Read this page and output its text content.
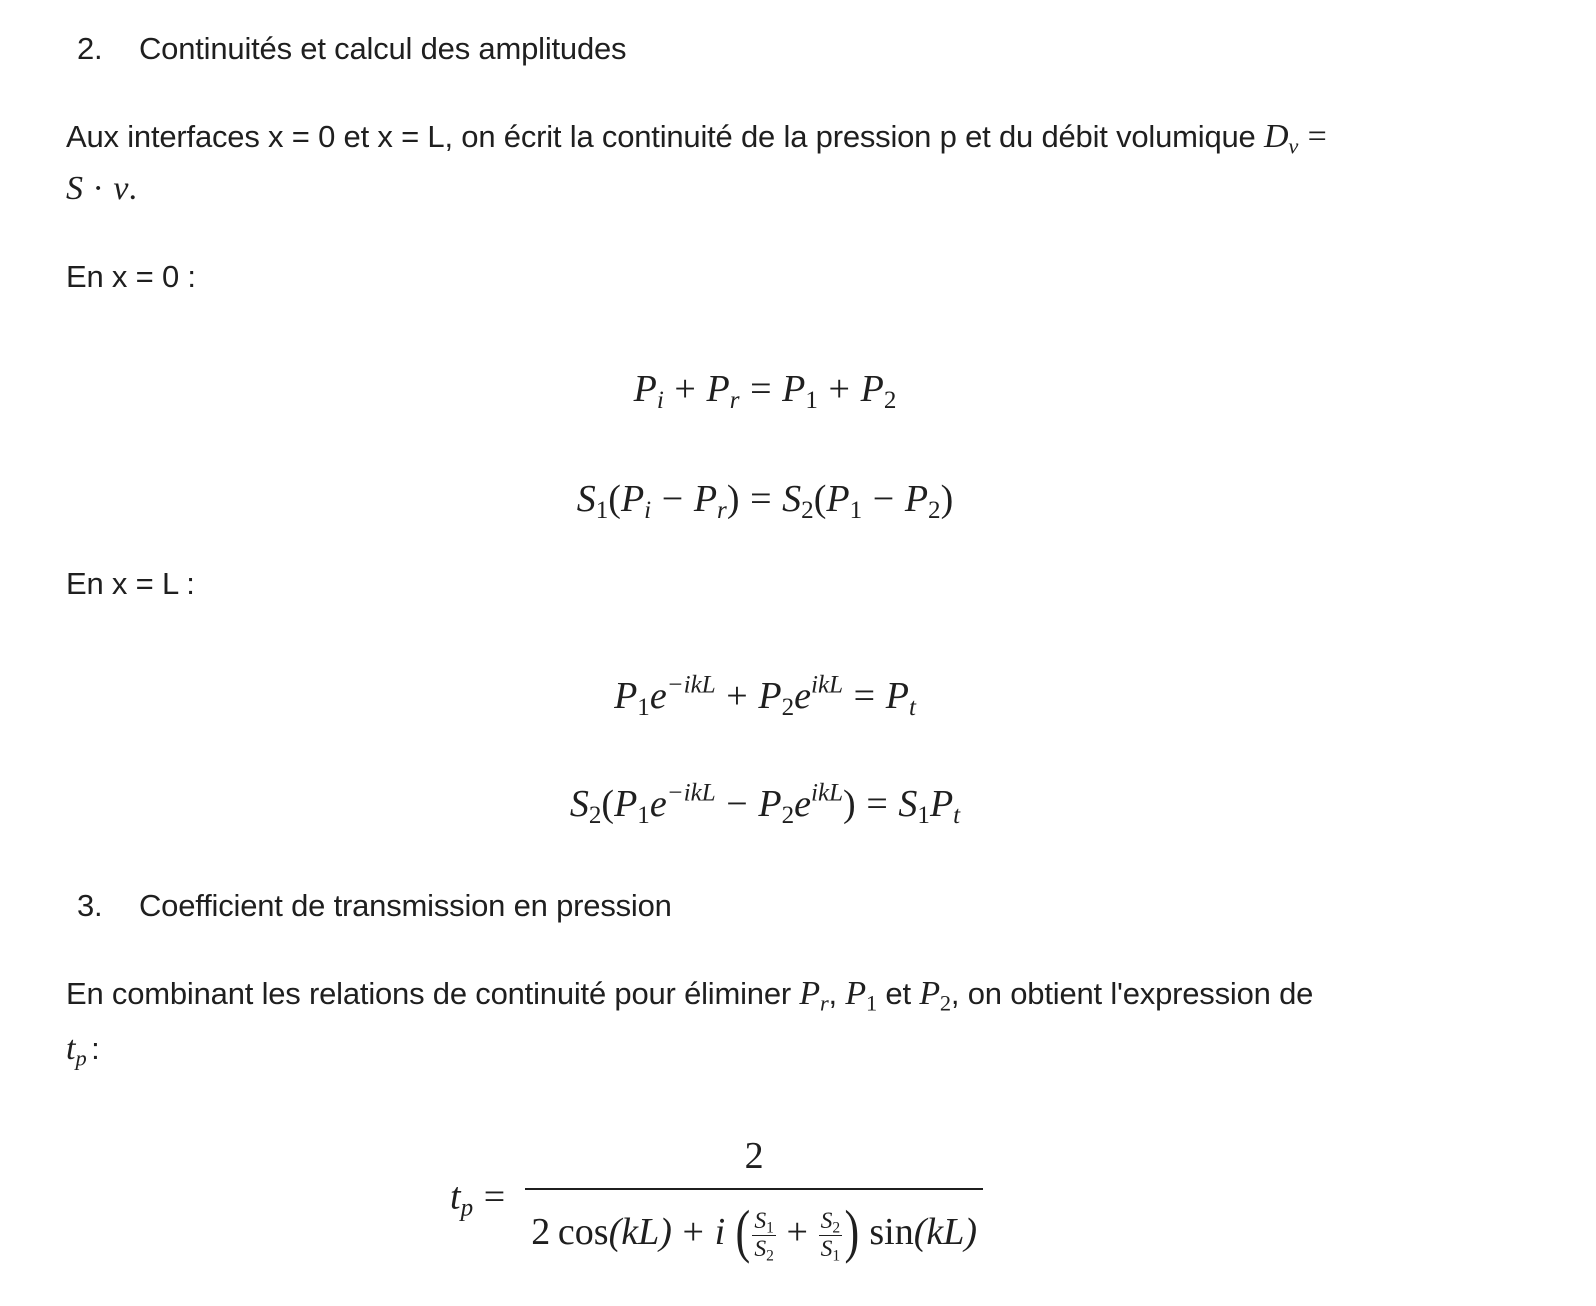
2. Continuités et calcul des amplitudes
Aux interfaces x = 0 et x = L, on écrit la continuité de la pression p et du débit volumique $D_v$ =
S · v.
En x = 0 :
$P_i + P_r = P_1 + P_2$
$S_1(P_i - P_r) = S_2(P_1 - P_2)$
En x = L :
$P_1e^{-ikL} + P_2e^{ikL} = P_t$
$S_2(P_1e^{-ikL} - P_2e^{ikL}) = S_1P_t$
3. Coefficient de transmission en pression
En combinant les relations de continuité pour éliminer $P_r$, $P_1$ et $P_2$, on obtient l'expression de
$t_p$ :
$t_p = \frac{2}{2 \cos(kL) + i ( \frac{S_1}{S_2} + \frac{S_2}{S_1} ) \sin(kL)}$
